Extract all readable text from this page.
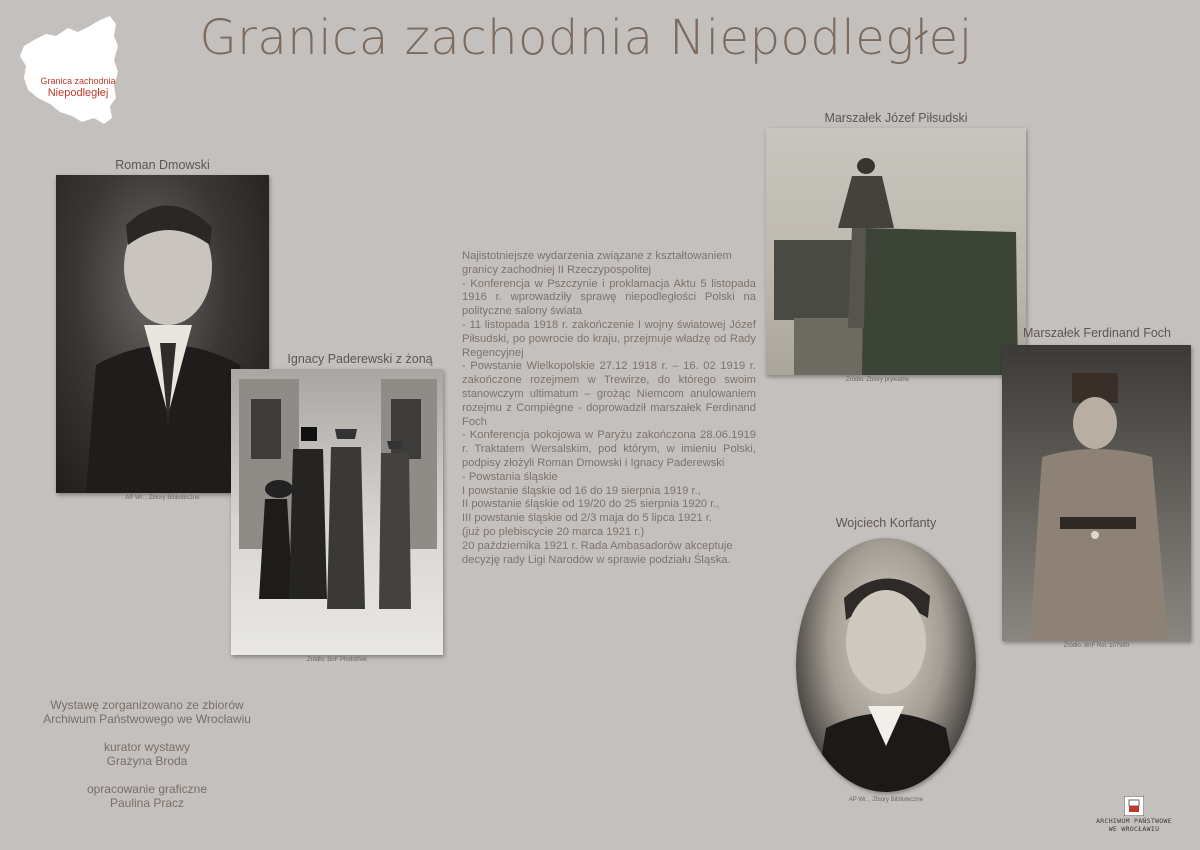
Granica zachodnia
Niepodległej
Granica zachodnia Niepodległej
Roman Dmowski
AP Wr. , Zbiory Biblioteczne
Ignacy Paderewski z żoną
Źródło: BnF Photothek
Marszałek Józef Piłsudski
Źródło: Zbiory prywatne
Marszałek Ferdinand Foch
Źródło: BnF Rol. 107980
Wojciech Korfanty
AP Wr. , Zbiory Biblioteczne
Najistotniejsze wydarzenia związane z kształtowaniem granicy zachodniej II Rzeczypospolitej
- Konferencja w Pszczynie i proklamacja Aktu 5 listopada 1916 r. wprowadziły sprawę niepodległości Polski na polityczne salony świata
- 11 listopada 1918 r. zakończenie I wojny światowej Józef Piłsudski, po powrocie do kraju, przejmuje władzę od Rady Regencyjnej
- Powstanie Wielkopolskie 27.12 1918 r. – 16. 02 1919 r. zakończone rozejmem w Trewirze, do którego swoim stanowczym ultimatum – grożąc Niemcom anulowaniem rozejmu z Compiègne - doprowadził marszałek Ferdinand Foch
- Konferencja pokojowa w Paryżu zakończona 28.06.1919 r. Traktatem Wersalskim, pod którym, w imieniu Polski, podpisy złożyli Roman Dmowski i Ignacy Paderewski
- Powstania śląskie
I powstanie śląskie od 16 do 19 sierpnia 1919 r.,
II powstanie śląskie od 19/20 do 25 sierpnia 1920 r.,
III powstanie śląskie od 2/3 maja do 5 lipca 1921 r.
(już po plebiscycie 20 marca 1921 r.)
20 października 1921 r. Rada Ambasadorów akceptuje decyzję rady Ligi Narodów w sprawie podziału Śląska.
Wystawę zorganizowano ze zbiorów
Archiwum Państwowego we Wrocławiu
kurator wystawy
Grażyna Broda
opracowanie graficzne
Paulina Pracz
ARCHIWUM PAŃSTWOWE
WE WROCŁAWIU
